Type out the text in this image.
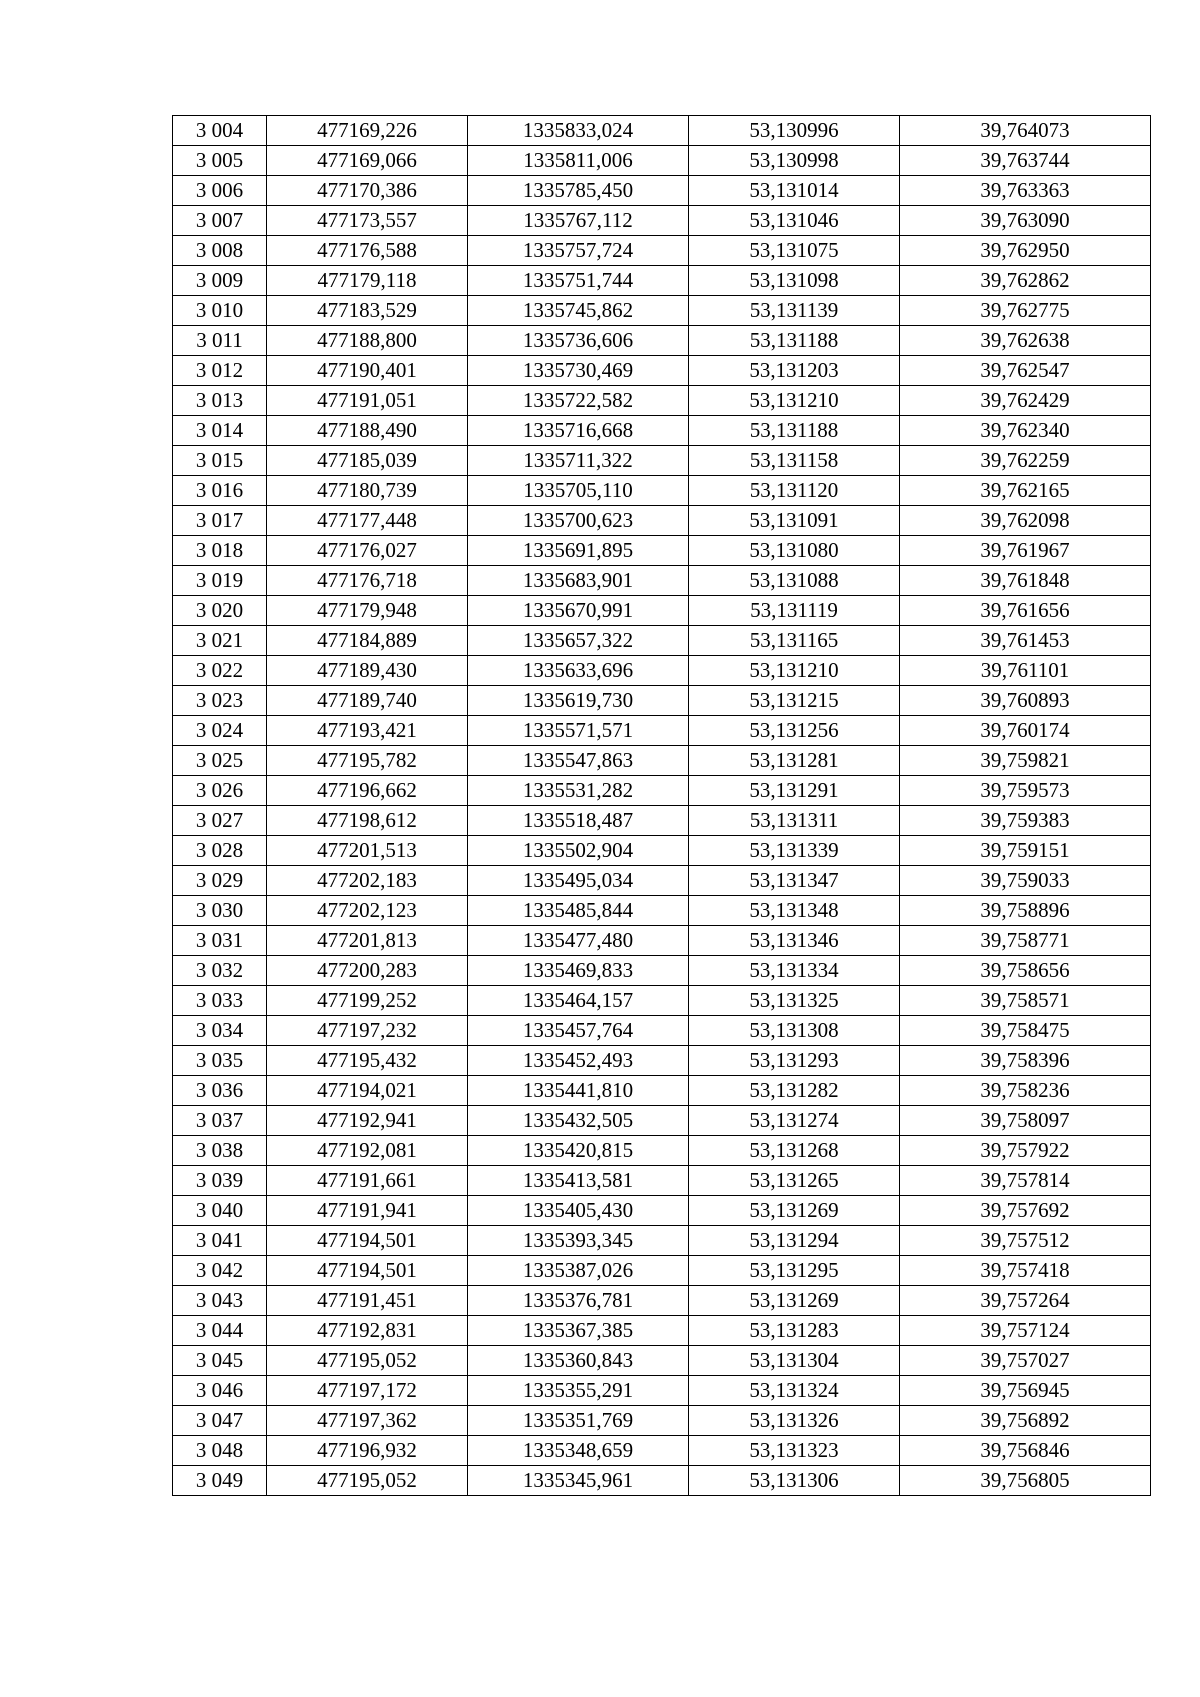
3 004	477169,226	1335833,024	53,130996	39,764073
3 005	477169,066	1335811,006	53,130998	39,763744
3 006	477170,386	1335785,450	53,131014	39,763363
3 007	477173,557	1335767,112	53,131046	39,763090
3 008	477176,588	1335757,724	53,131075	39,762950
3 009	477179,118	1335751,744	53,131098	39,762862
3 010	477183,529	1335745,862	53,131139	39,762775
3 011	477188,800	1335736,606	53,131188	39,762638
3 012	477190,401	1335730,469	53,131203	39,762547
3 013	477191,051	1335722,582	53,131210	39,762429
3 014	477188,490	1335716,668	53,131188	39,762340
3 015	477185,039	1335711,322	53,131158	39,762259
3 016	477180,739	1335705,110	53,131120	39,762165
3 017	477177,448	1335700,623	53,131091	39,762098
3 018	477176,027	1335691,895	53,131080	39,761967
3 019	477176,718	1335683,901	53,131088	39,761848
3 020	477179,948	1335670,991	53,131119	39,761656
3 021	477184,889	1335657,322	53,131165	39,761453
3 022	477189,430	1335633,696	53,131210	39,761101
3 023	477189,740	1335619,730	53,131215	39,760893
3 024	477193,421	1335571,571	53,131256	39,760174
3 025	477195,782	1335547,863	53,131281	39,759821
3 026	477196,662	1335531,282	53,131291	39,759573
3 027	477198,612	1335518,487	53,131311	39,759383
3 028	477201,513	1335502,904	53,131339	39,759151
3 029	477202,183	1335495,034	53,131347	39,759033
3 030	477202,123	1335485,844	53,131348	39,758896
3 031	477201,813	1335477,480	53,131346	39,758771
3 032	477200,283	1335469,833	53,131334	39,758656
3 033	477199,252	1335464,157	53,131325	39,758571
3 034	477197,232	1335457,764	53,131308	39,758475
3 035	477195,432	1335452,493	53,131293	39,758396
3 036	477194,021	1335441,810	53,131282	39,758236
3 037	477192,941	1335432,505	53,131274	39,758097
3 038	477192,081	1335420,815	53,131268	39,757922
3 039	477191,661	1335413,581	53,131265	39,757814
3 040	477191,941	1335405,430	53,131269	39,757692
3 041	477194,501	1335393,345	53,131294	39,757512
3 042	477194,501	1335387,026	53,131295	39,757418
3 043	477191,451	1335376,781	53,131269	39,757264
3 044	477192,831	1335367,385	53,131283	39,757124
3 045	477195,052	1335360,843	53,131304	39,757027
3 046	477197,172	1335355,291	53,131324	39,756945
3 047	477197,362	1335351,769	53,131326	39,756892
3 048	477196,932	1335348,659	53,131323	39,756846
3 049	477195,052	1335345,961	53,131306	39,756805
